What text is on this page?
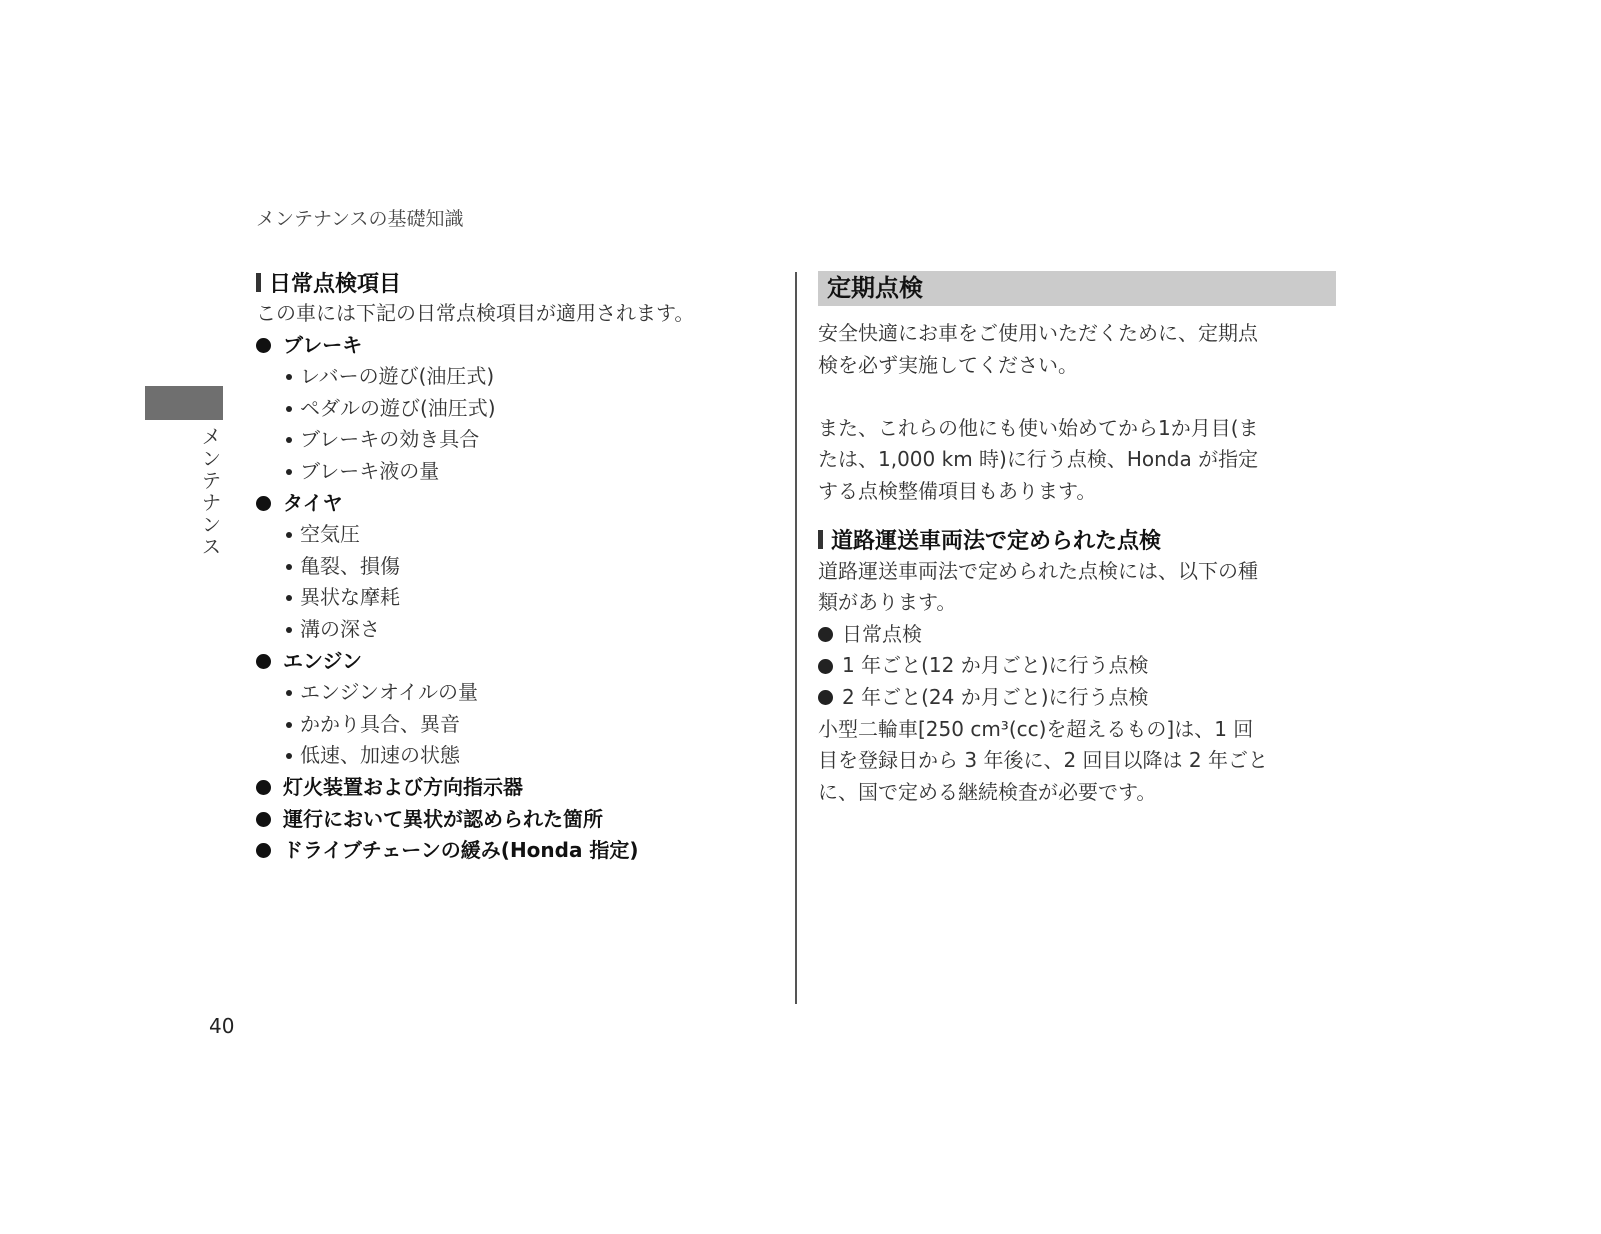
メンテナンスの基礎知識
メンテナンス
40
日常点検項目
この車には下記の日常点検項目が適用されます。
ブレーキ
レバーの遊び(油圧式)
ペダルの遊び(油圧式)
ブレーキの効き具合
ブレーキ液の量
タイヤ
空気圧
亀裂、損傷
異状な摩耗
溝の深さ
エンジン
エンジンオイルの量
かかり具合、異音
低速、加速の状態
灯火装置および方向指示器
運行において異状が認められた箇所
ドライブチェーンの緩み(Honda 指定)
定期点検
安全快適にお車をご使用いただくために、定期点
検を必ず実施してください。
また、これらの他にも使い始めてから1か月目(ま
たは、1,000 km 時)に行う点検、Honda が指定
する点検整備項目もあります。
道路運送車両法で定められた点検
道路運送車両法で定められた点検には、以下の種
類があります。
日常点検
1 年ごと(12 か月ごと)に行う点検
2 年ごと(24 か月ごと)に行う点検
小型二輪車[250 cm³(cc)を超えるもの]は、1 回
目を登録日から 3 年後に、2 回目以降は 2 年ごと
に、国で定める継続検査が必要です。
